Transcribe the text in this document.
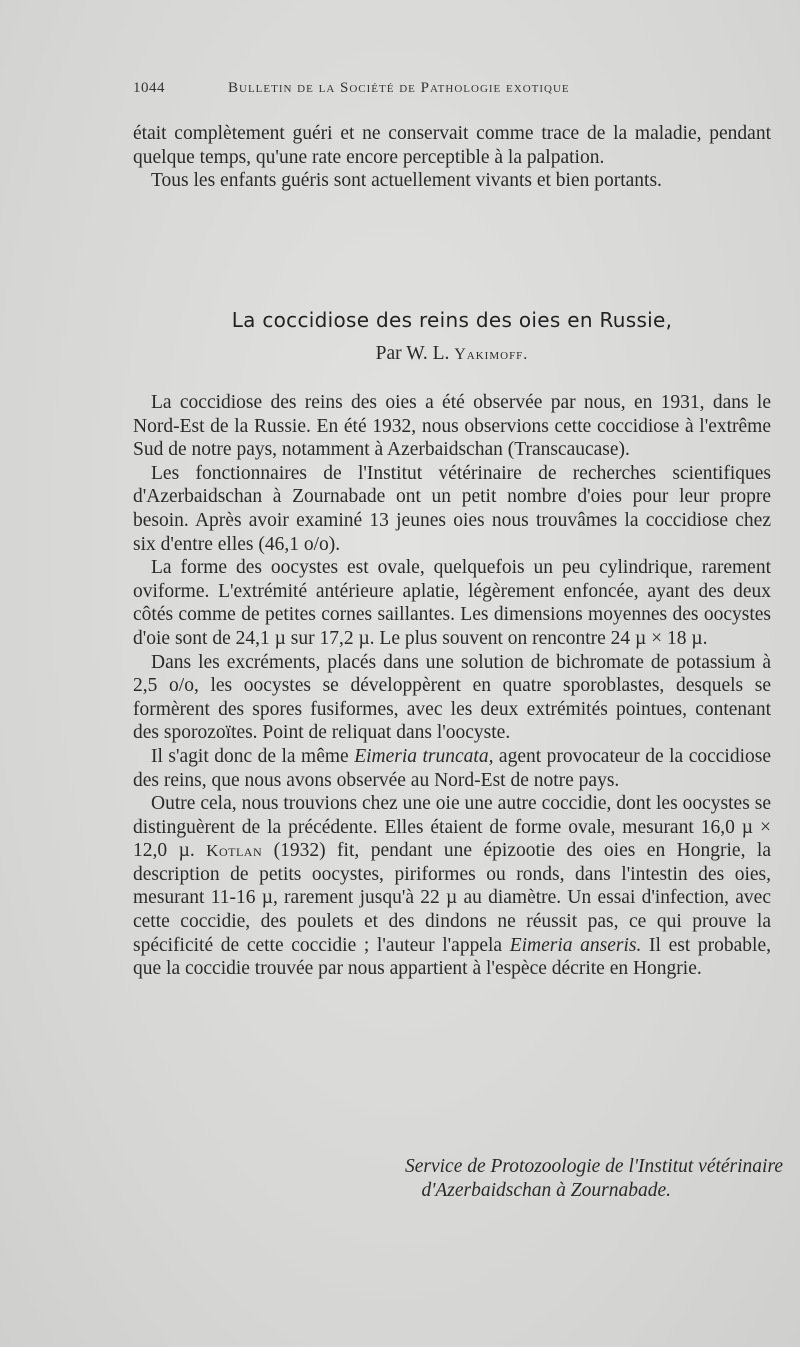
1044	Bulletin de la Société de Pathologie exotique

était complètement guéri et ne conservait comme trace de la maladie, pendant quelque temps, qu'une rate encore perceptible à la palpation.

Tous les enfants guéris sont actuellement vivants et bien portants.

La coccidiose des reins des oies en Russie,
Par W. L. Yakimoff.

La coccidiose des reins des oies a été observée par nous, en 1931, dans le Nord-Est de la Russie. En été 1932, nous observions cette coccidiose à l'extrême Sud de notre pays, notamment à Azerbaidschan (Transcaucase).

Les fonctionnaires de l'Institut vétérinaire de recherches scientifiques d'Azerbaidschan à Zournabade ont un petit nombre d'oies pour leur propre besoin. Après avoir examiné 13 jeunes oies nous trouvâmes la coccidiose chez six d'entre elles (46,1 o/o).

La forme des oocystes est ovale, quelquefois un peu cylindrique, rarement oviforme. L'extrémité antérieure aplatie, légèrement enfoncée, ayant des deux côtés comme de petites cornes saillantes. Les dimensions moyennes des oocystes d'oie sont de 24,1 µ sur 17,2 µ. Le plus souvent on rencontre 24 µ × 18 µ.

Dans les excréments, placés dans une solution de bichromate de potassium à 2,5 o/o, les oocystes se développèrent en quatre sporoblastes, desquels se formèrent des spores fusiformes, avec les deux extrémités pointues, contenant des sporozoïtes. Point de reliquat dans l'oocyste.

Il s'agit donc de la même Eimeria truncata, agent provocateur de la coccidiose des reins, que nous avons observée au Nord-Est de notre pays.

Outre cela, nous trouvions chez une oie une autre coccidie, dont les oocystes se distinguèrent de la précédente. Elles étaient de forme ovale, mesurant 16,0 µ × 12,0 µ. Kotlan (1932) fit, pendant une épizootie des oies en Hongrie, la description de petits oocystes, piriformes ou ronds, dans l'intestin des oies, mesurant 11-16 µ, rarement jusqu'à 22 µ au diamètre. Un essai d'infection, avec cette coccidie, des poulets et des dindons ne réussit pas, ce qui prouve la spécificité de cette coccidie ; l'auteur l'appela Eimeria anseris. Il est probable, que la coccidie trouvée par nous appartient à l'espèce décrite en Hongrie.

Service de Protozoologie de l'Institut vétérinaire
d'Azerbaidschan à Zournabade.
